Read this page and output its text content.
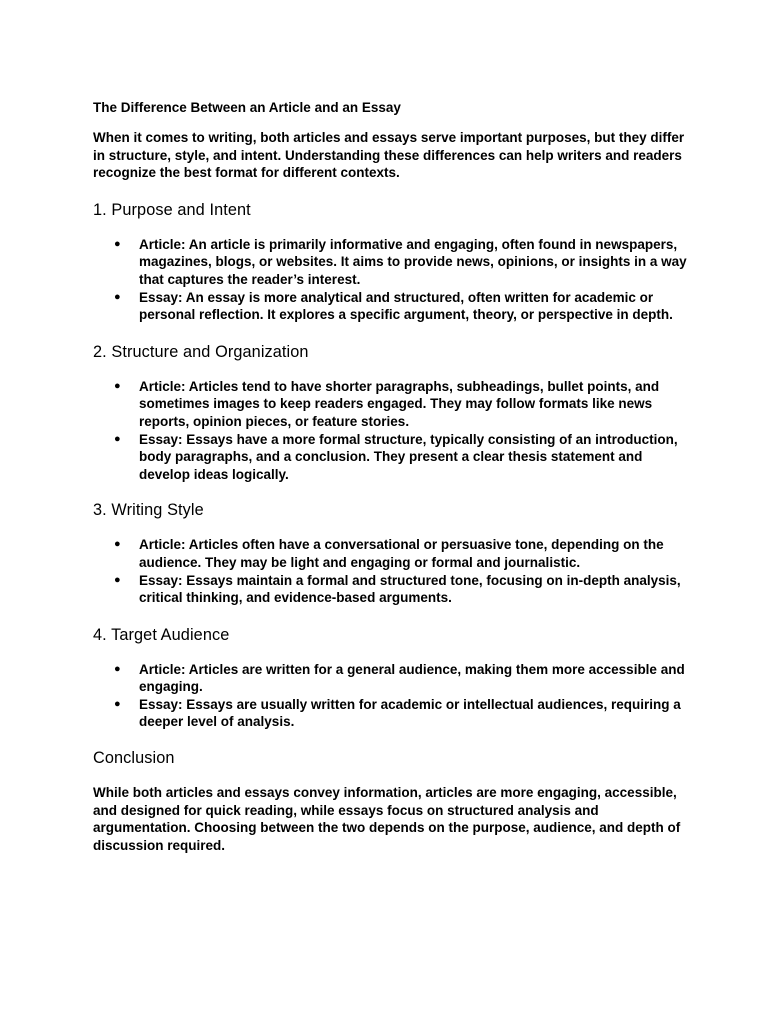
The Difference Between an Article and an Essay

When it comes to writing, both articles and essays serve important purposes, but they differ in structure, style, and intent. Understanding these differences can help writers and readers recognize the best format for different contexts.

1. Purpose and Intent
● Article: An article is primarily informative and engaging, often found in newspapers, magazines, blogs, or websites. It aims to provide news, opinions, or insights in a way that captures the reader’s interest.
● Essay: An essay is more analytical and structured, often written for academic or personal reflection. It explores a specific argument, theory, or perspective in depth.
2. Structure and Organization
● Article: Articles tend to have shorter paragraphs, subheadings, bullet points, and sometimes images to keep readers engaged. They may follow formats like news reports, opinion pieces, or feature stories.
● Essay: Essays have a more formal structure, typically consisting of an introduction, body paragraphs, and a conclusion. They present a clear thesis statement and develop ideas logically.
3. Writing Style
● Article: Articles often have a conversational or persuasive tone, depending on the audience. They may be light and engaging or formal and journalistic.
● Essay: Essays maintain a formal and structured tone, focusing on in-depth analysis, critical thinking, and evidence-based arguments.
4. Target Audience
● Article: Articles are written for a general audience, making them more accessible and engaging.
● Essay: Essays are usually written for academic or intellectual audiences, requiring a deeper level of analysis.
Conclusion

While both articles and essays convey information, articles are more engaging, accessible, and designed for quick reading, while essays focus on structured analysis and argumentation. Choosing between the two depends on the purpose, audience, and depth of discussion required.
